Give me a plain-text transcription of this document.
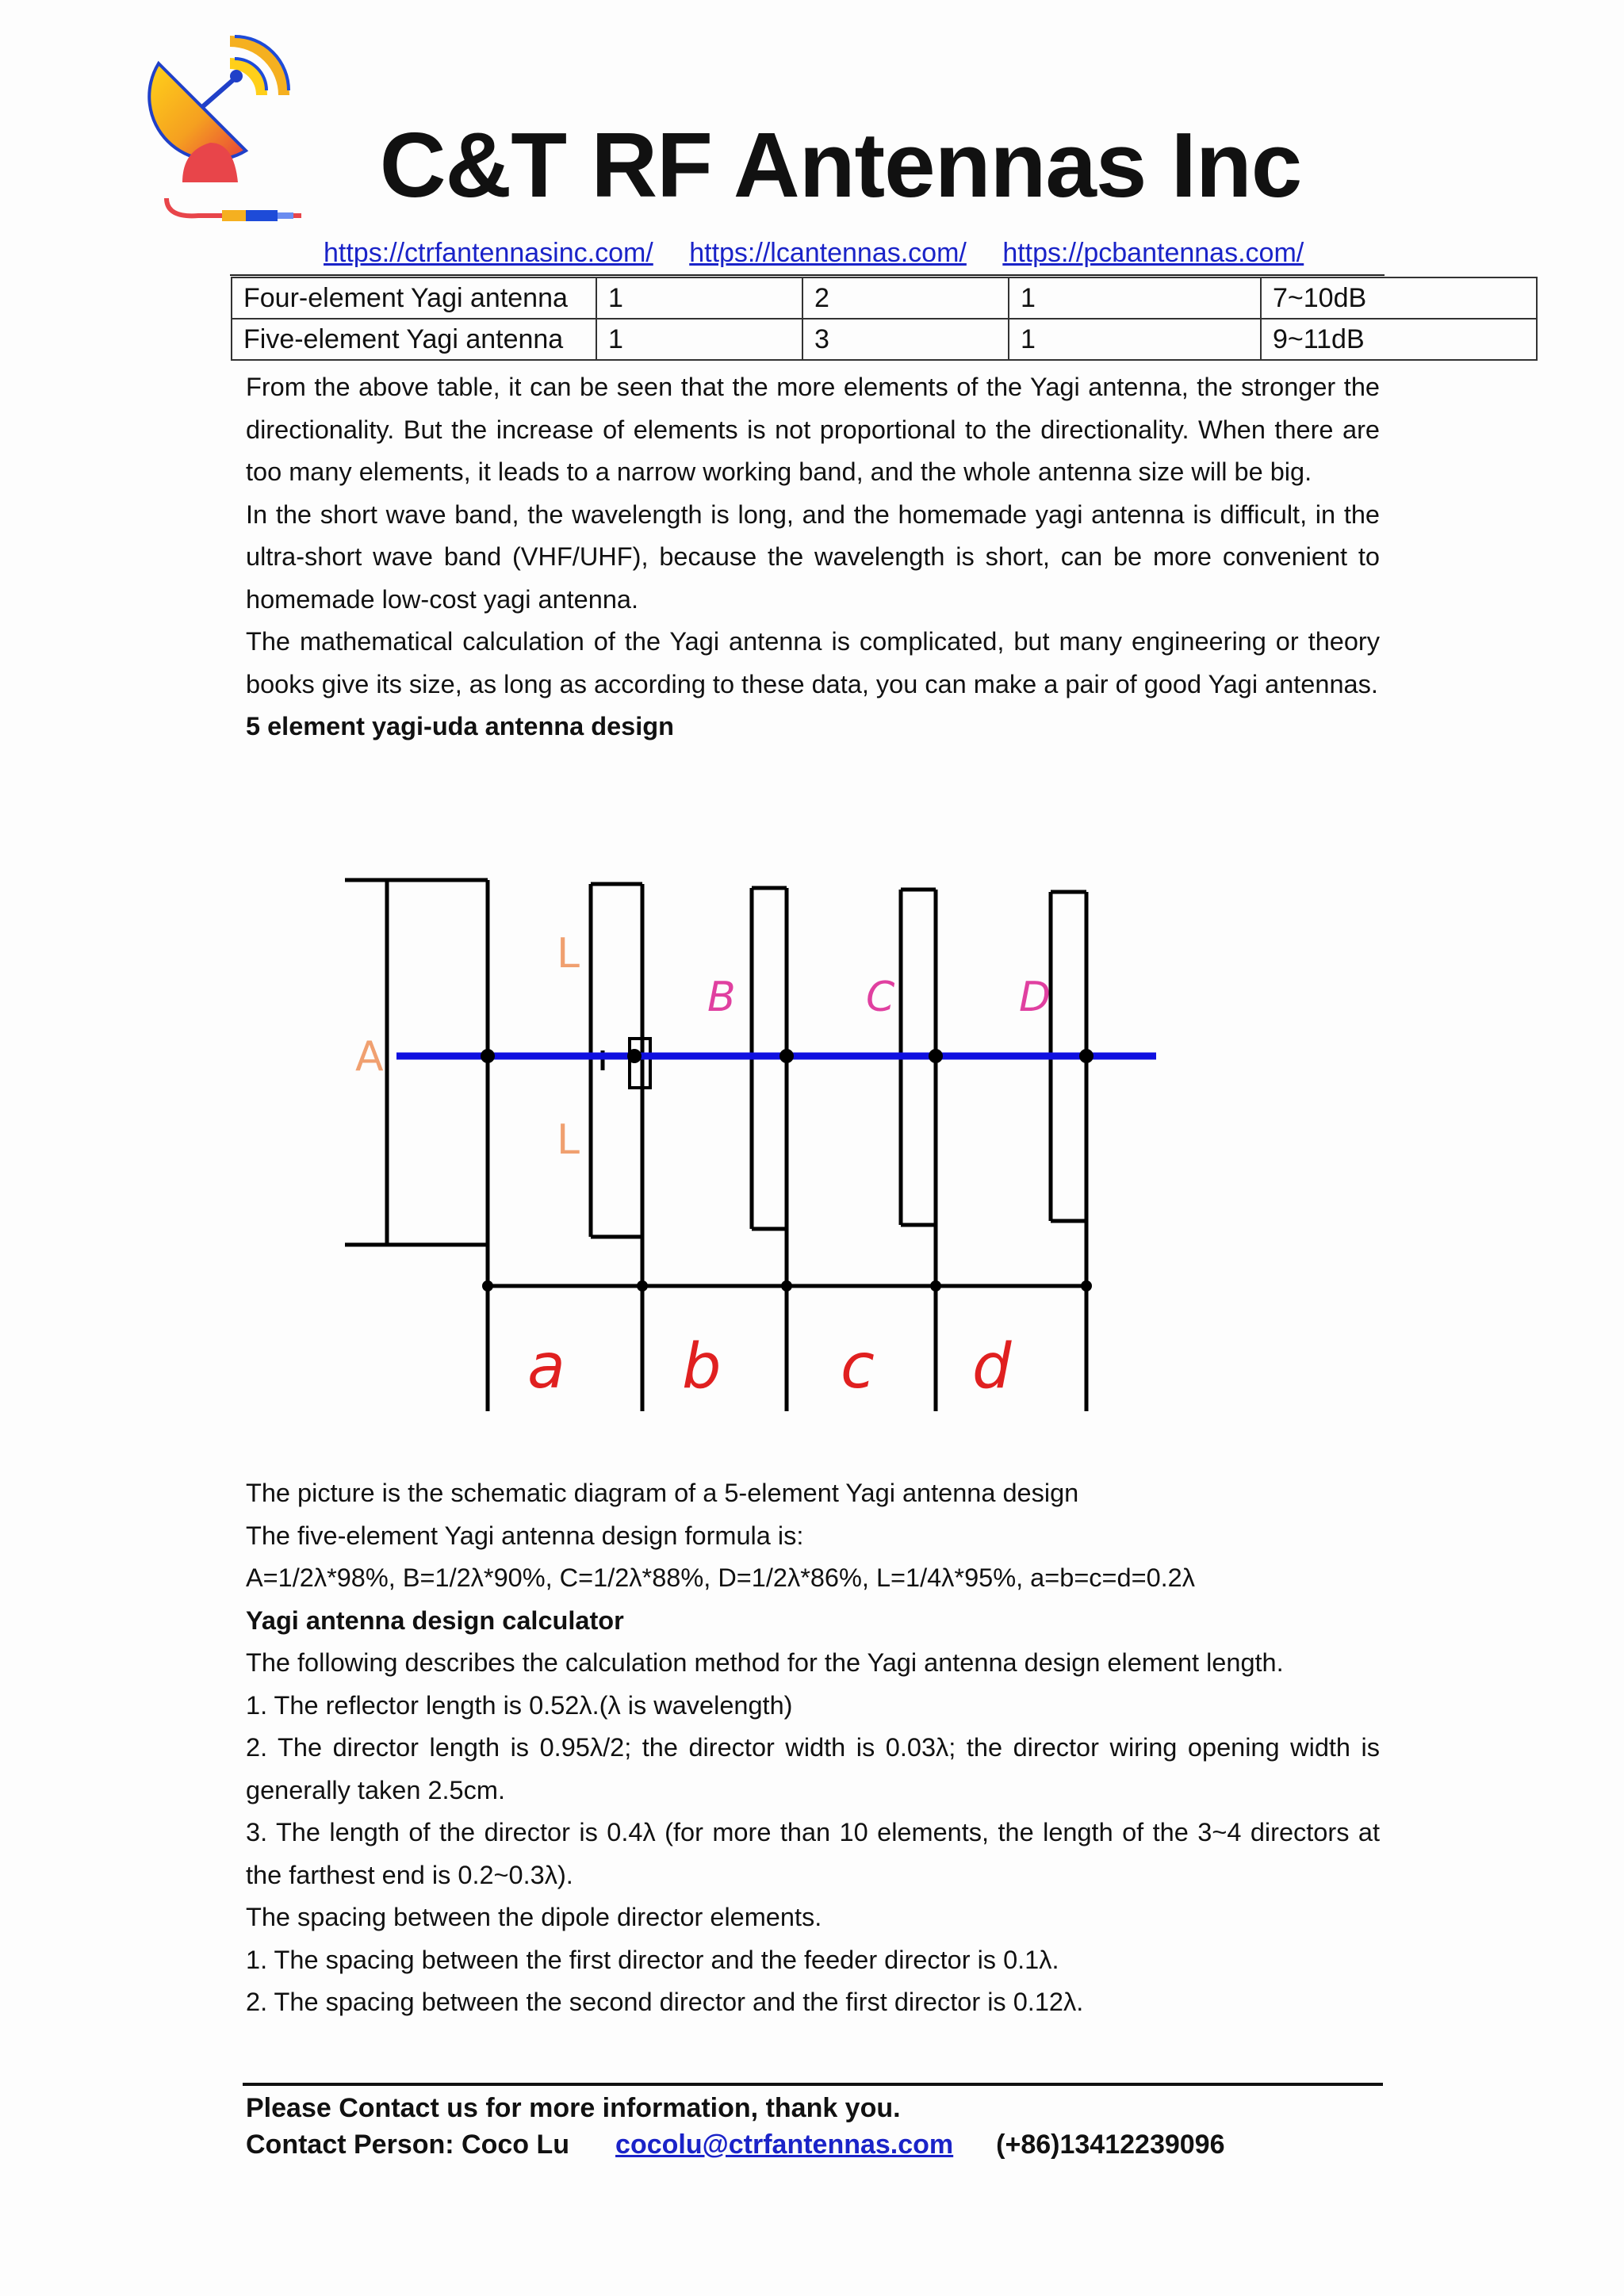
C&T RF Antennas Inc
https://ctrfantennasinc.com/ https://lcantennas.com/ https://pcbantennas.com/
Four-element Yagi antenna	1	2	1	7~10dB
Five-element Yagi antenna	1	3	1	9~11dB

From the above table, it can be seen that the more elements of the Yagi antenna, the stronger the directionality. But the increase of elements is not proportional to the directionality. When there are too many elements, it leads to a narrow working band, and the whole antenna size will be big.

In the short wave band, the wavelength is long, and the homemade yagi antenna is difficult, in the ultra-short wave band (VHF/UHF), because the wavelength is short, can be more convenient to homemade low-cost yagi antenna.

The mathematical calculation of the Yagi antenna is complicated, but many engineering or theory books give its size, as long as according to these data, you can make a pair of good Yagi antennas.

5 element yagi-uda antenna design

A
L
L
B	C	D
a b c d

The picture is the schematic diagram of a 5-element Yagi antenna design

The five-element Yagi antenna design formula is:

A=1/2λ*98%, B=1/2λ*90%, C=1/2λ*88%, D=1/2λ*86%, L=1/4λ*95%, a=b=c=d=0.2λ

Yagi antenna design calculator

The following describes the calculation method for the Yagi antenna design element length.

1. The reflector length is 0.52λ.(λ is wavelength)

2. The director length is 0.95λ/2; the director width is 0.03λ; the director wiring opening width is generally taken 2.5cm.

3. The length of the director is 0.4λ (for more than 10 elements, the length of the 3~4 directors at the farthest end is 0.2~0.3λ).

The spacing between the dipole director elements.

1. The spacing between the first director and the feeder director is 0.1λ.

2. The spacing between the second director and the first director is 0.12λ.

Please Contact us for more information, thank you.
Contact Person: Coco Lu cocolu@ctrfantennas.com (+86)13412239096
